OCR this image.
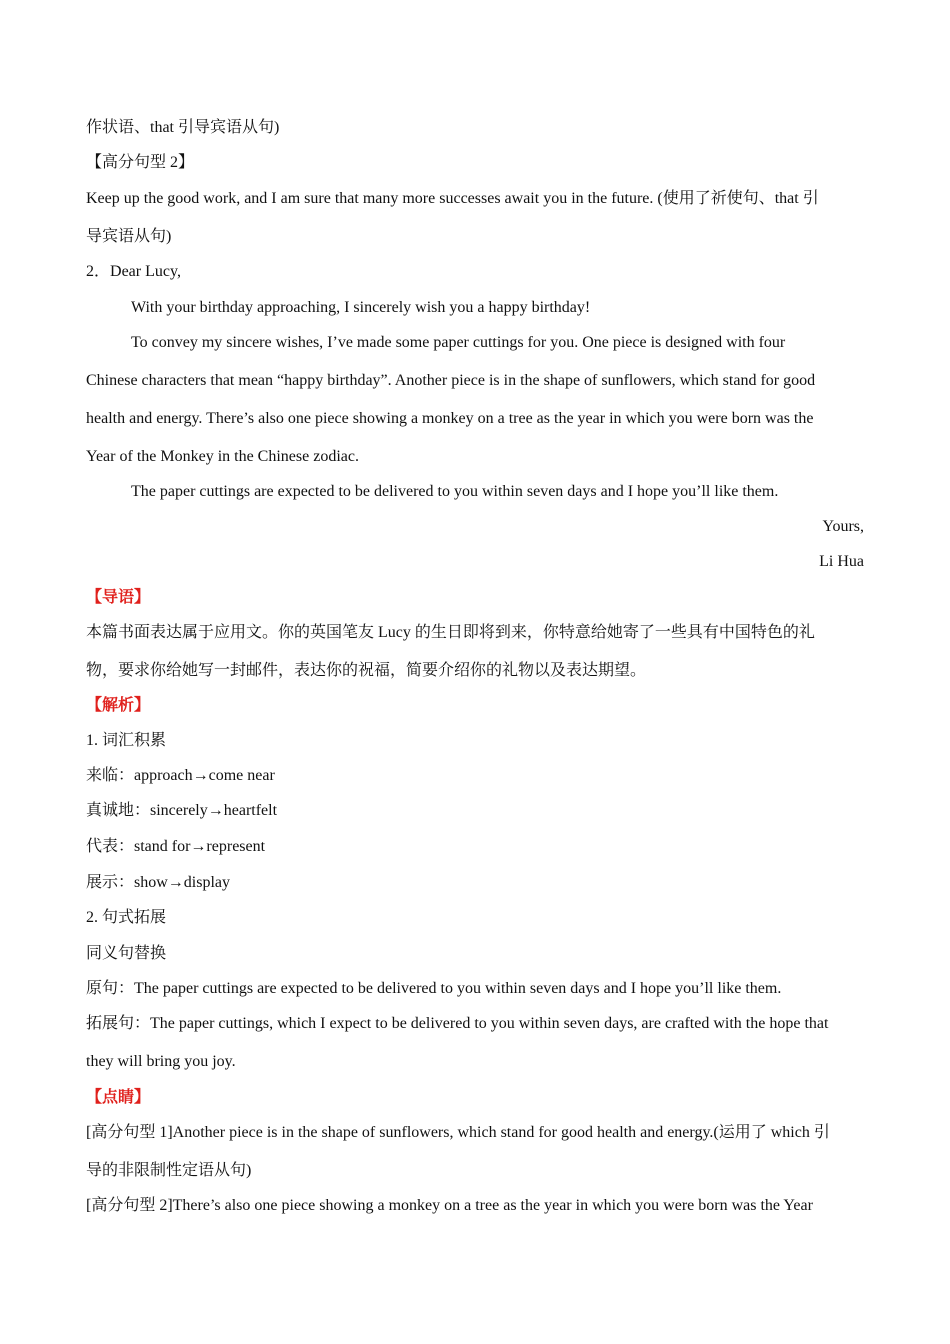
作状语、that 引导宾语从句)
【高分句型 2】
Keep up the good work, and I am sure that many more successes await you in the future. (使用了祈使句、that 引
导宾语从句)
2．Dear Lucy,
With your birthday approaching, I sincerely wish you a happy birthday!
To convey my sincere wishes, I’ve made some paper cuttings for you. One piece is designed with four
Chinese characters that mean “happy birthday”. Another piece is in the shape of sunflowers, which stand for good
health and energy. There’s also one piece showing a monkey on a tree as the year in which you were born was the
Year of the Monkey in the Chinese zodiac.
The paper cuttings are expected to be delivered to you within seven days and I hope you’ll like them.
Yours,
Li Hua
【导语】
本篇书面表达属于应用文。你的英国笔友 Lucy 的生日即将到来，你特意给她寄了一些具有中国特色的礼
物，要求你给她写一封邮件，表达你的祝福，简要介绍你的礼物以及表达期望。
【解析】
1. 词汇积累
来临：approach→come near
真诚地：sincerely→heartfelt
代表：stand for→represent
展示：show→display
2. 句式拓展
同义句替换
原句：The paper cuttings are expected to be delivered to you within seven days and I hope you’ll like them.
拓展句：The paper cuttings, which I expect to be delivered to you within seven days, are crafted with the hope that
they will bring you joy.
【点睛】
[高分句型 1]Another piece is in the shape of sunflowers, which stand for good health and energy.(运用了 which 引
导的非限制性定语从句)
[高分句型 2]There’s also one piece showing a monkey on a tree as the year in which you were born was the Year
